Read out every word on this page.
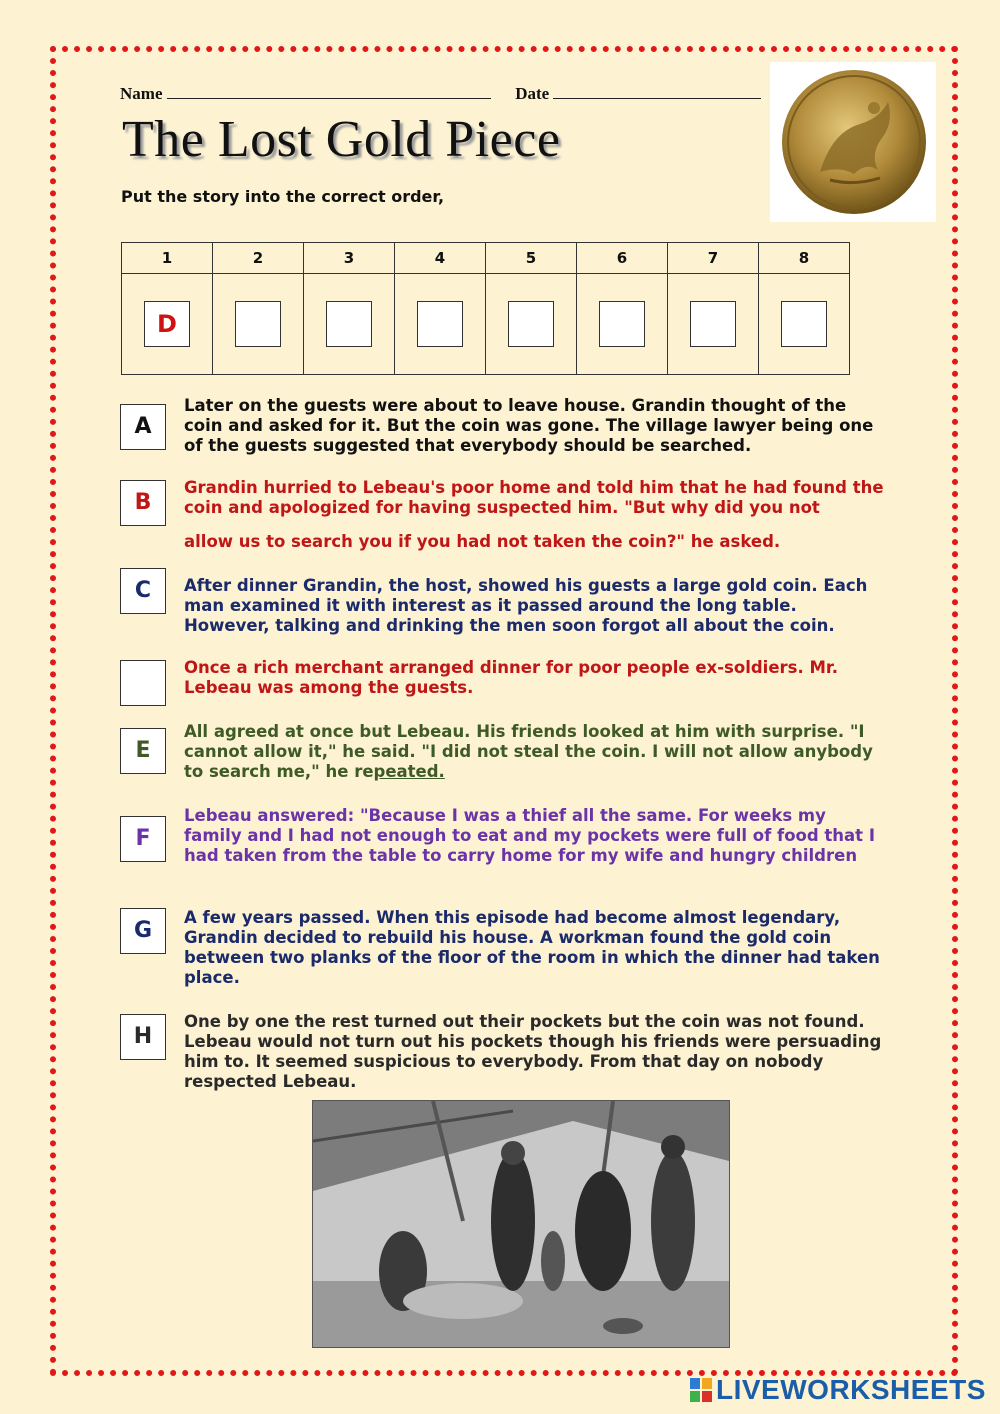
Name	Date
The Lost Gold Piece
Put the story into the correct order,
1	2	3	4	5	6	7	8
D							
A
Later on the guests were about to leave house. Grandin thought of the coin and asked for it. But the coin was gone. The village lawyer being one of the guests suggested that everybody should be searched.
B
Grandin hurried to Lebeau's poor home and told him that he had found the coin and apologized for having suspected him. "But why did you not
allow us to search you if you had not taken the coin?" he asked.
C	After dinner Grandin, the host, showed his guests a large gold coin. Each man examined it with interest as it passed around the long table. However, talking and drinking the men soon forgot all about the coin.
Once a rich merchant arranged dinner for poor people ex-soldiers. Mr. Lebeau was among the guests.
E
All agreed at once but Lebeau. His friends looked at him with surprise. "I cannot allow it," he said. "I did not steal the coin. I will not allow anybody to search me," he repeated.
F
Lebeau answered: "Because I was a thief all the same. For weeks my family and I had not enough to eat and my pockets were full of food that I had taken from the table to carry home for my wife and hungry children
G
A few years passed. When this episode had become almost legendary, Grandin decided to rebuild his house. A workman found the gold coin between two planks of the floor of the room in which the dinner had taken place.
H
One by one the rest turned out their pockets but the coin was not found. Lebeau would not turn out his pockets though his friends were persuading him to. It seemed suspicious to everybody. From that day on nobody respected Lebeau.
LIVEWORKSHEETS
